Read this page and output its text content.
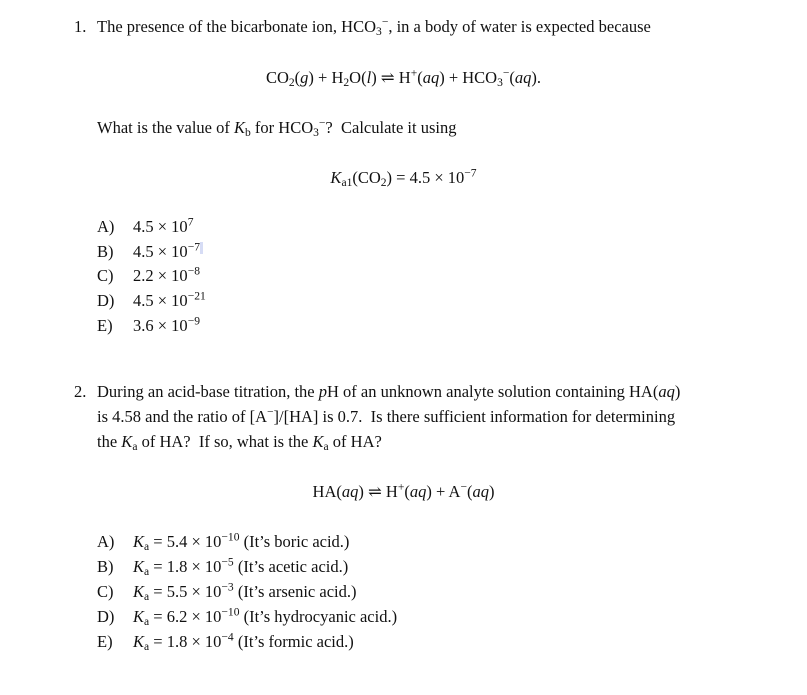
1. The presence of the bicarbonate ion, $HCO_3^-$, in a body of water is expected because
$CO_2(g) + H_2O(l)$ ⇌ $H^+(aq) + HCO_3^-(aq)$.
What is the value of $K_b$ for $HCO_3^-$?  Calculate it using
$K_{a1}(CO_2) = 4.5 \times 10^{-7}$
A) $4.5 \times 10^7$
B) $4.5 \times 10^{-7}$
C) $2.2 \times 10^{-8}$
D) $4.5 \times 10^{-21}$
E) $3.6 \times 10^{-9}$
2. During an acid-base titration, the pH of an unknown analyte solution containing HA(aq)
is 4.58 and the ratio of [A−]/[HA] is 0.7.  Is there sufficient information for determining
the $K_a$ of HA?  If so, what is the $K_a$ of HA?
HA(aq) ⇌ H+(aq) + A−(aq)
A) $K_a = 5.4 \times 10^{-10}$ (It’s boric acid.)
B) $K_a = 1.8 \times 10^{-5}$ (It’s acetic acid.)
C) $K_a = 5.5 \times 10^{-3}$ (It’s arsenic acid.)
D) $K_a = 6.2 \times 10^{-10}$ (It’s hydrocyanic acid.)
E) $K_a = 1.8 \times 10^{-4}$ (It’s formic acid.)
